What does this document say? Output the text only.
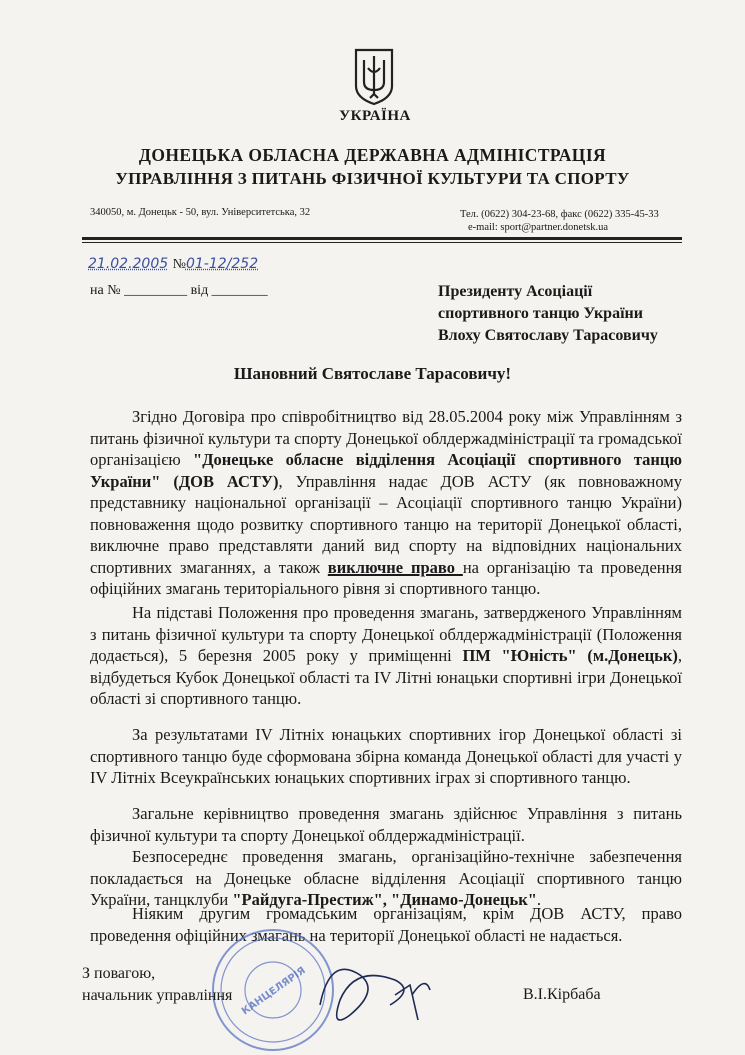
УКРАЇНА
ДОНЕЦЬКА ОБЛАСНА ДЕРЖАВНА АДМІНІСТРАЦІЯ
УПРАВЛІННЯ З ПИТАНЬ ФІЗИЧНОЇ КУЛЬТУРИ ТА СПОРТУ
340050, м. Донецьк - 50, вул. Університетська, 32	Тел. (0622) 304-23-68, факс (0622) 335-45-33
e-mail: sport@partner.donetsk.ua
21.02.2005 №01-12/252
на № _________ від ________	Президенту Асоціації
спортивного танцю України
Влоху Святославу Тарасовичу
Шановний Святославе Тарасовичу!

Згідно Договіра про співробітництво від 28.05.2004 року між Управлінням з питань фізичної культури та спорту Донецької облдержадміністрації та громадської організацією "Донецьке обласне відділення Асоціації спортивного танцю України" (ДОВ АСТУ), Управління надає ДОВ АСТУ (як повноважному представнику національної організації – Асоціації спортивного танцю України) повноваження щодо розвитку спортивного танцю на території Донецької області, виключне право представляти даний вид спорту на відповідних національних спортивних змаганнях, а також виключне право на організацію та проведення офіційних змагань територіального рівня зі спортивного танцю.

На підставі Положення про проведення змагань, затвердженого Управлінням з питань фізичної культури та спорту Донецької облдержадміністрації (Положення додається), 5 березня 2005 року у приміщенні ПМ "Юність" (м.Донецьк), відбудеться Кубок Донецької області та IV Літні юнацьки спортивні ігри Донецької області зі спортивного танцю.

За результатами IV Літніх юнацьких спортивних ігор Донецької області зі спортивного танцю буде сформована збірна команда Донецької області для участі у IV Літніх Всеукраїнських юнацьких спортивних іграх зі спортивного танцю.

Загальне керівництво проведення змагань здійснює Управління з питань фізичної культури та спорту Донецької облдержадміністрації.

Безпосереднє проведення змагань, організаційно-технічне забезпечення покладається на Донецьке обласне відділення Асоціації спортивного танцю України, танцклуби "Райдуга-Престиж", "Динамо-Донецьк".

Ніяким другим громадським організаціям, крім ДОВ АСТУ, право проведення офіційних змагань на території Донецької області не надається.

КАНЦЕЛЯРІЯ
З повагою,
начальник управління	В.І.Кірбаба
